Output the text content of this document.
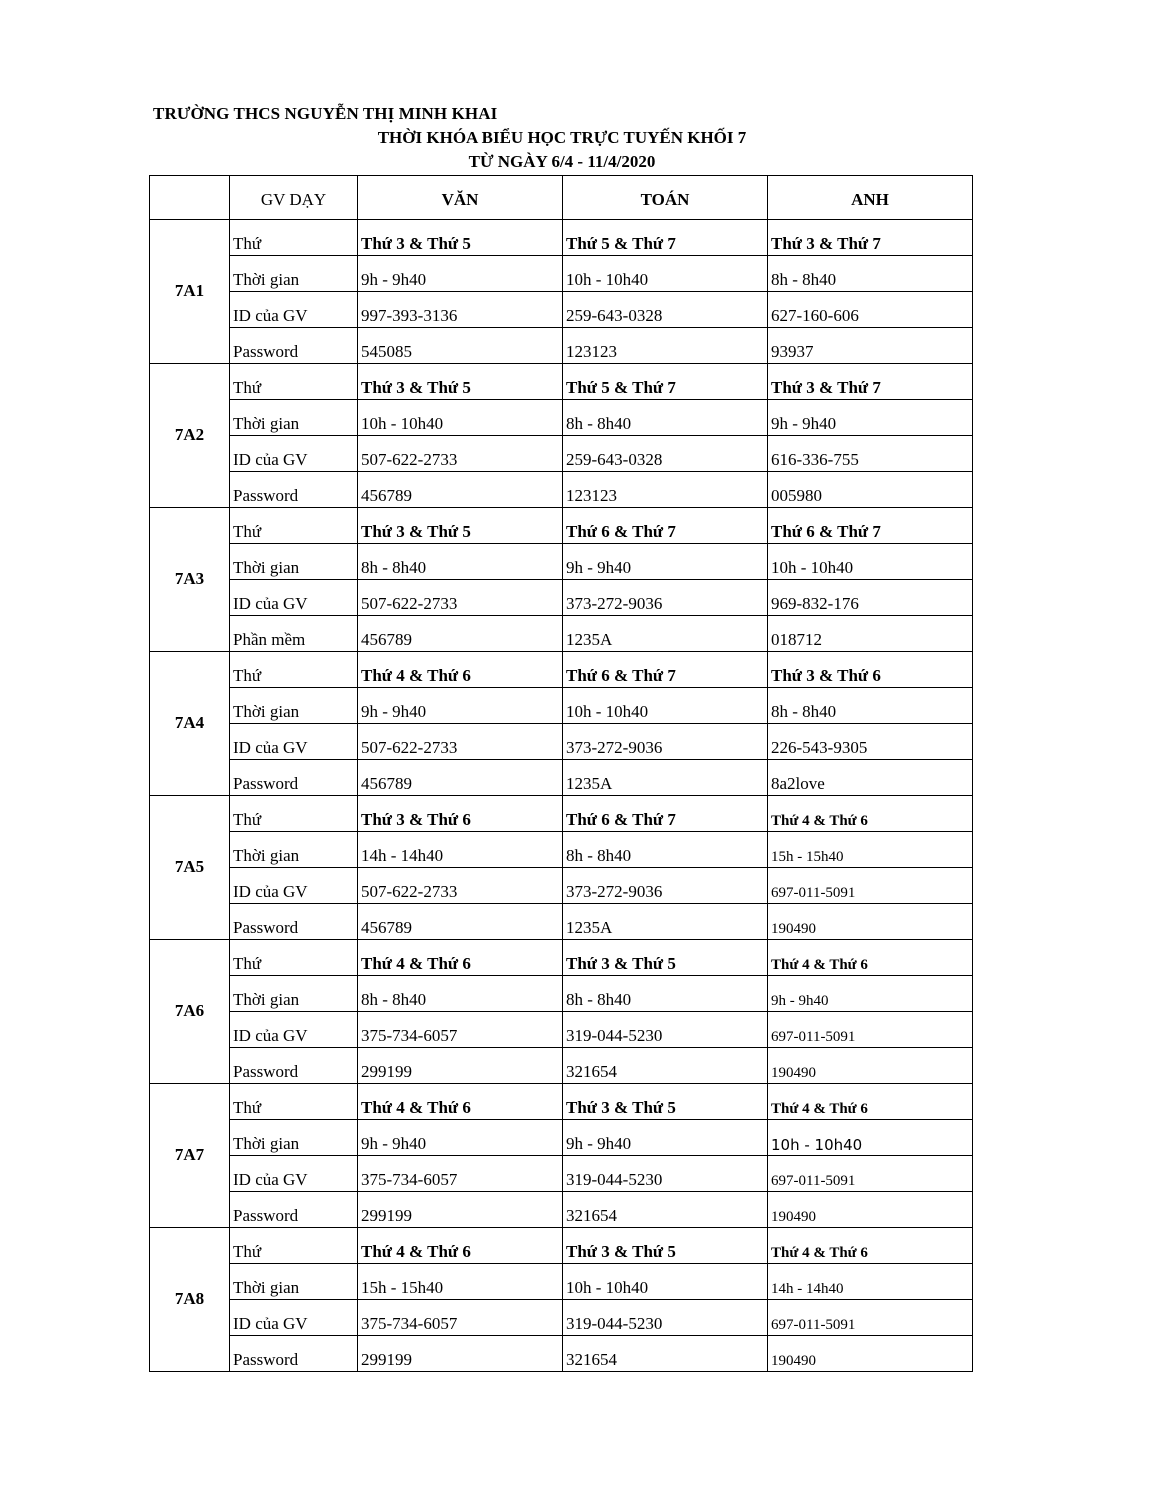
TRƯỜNG THCS NGUYỄN THỊ MINH KHAI
THỜI KHÓA BIỂU HỌC TRỰC TUYẾN KHỐI 7
TỪ NGÀY 6/4 - 11/4/2020
	GV DẠY	VĂN	TOÁN	ANH
7A1	Thứ	Thứ 3 & Thứ 5	Thứ 5 & Thứ 7	Thứ 3 & Thứ 7
	Thời gian	9h - 9h40	10h - 10h40	8h - 8h40
	ID của GV	997-393-3136	259-643-0328	627-160-606
	Password	545085	123123	93937
7A2	Thứ	Thứ 3 & Thứ 5	Thứ 5 & Thứ 7	Thứ 3 & Thứ 7
	Thời gian	10h - 10h40	8h - 8h40	9h - 9h40
	ID của GV	507-622-2733	259-643-0328	616-336-755
	Password	456789	123123	005980
7A3	Thứ	Thứ 3 & Thứ 5	Thứ 6 & Thứ 7	Thứ 6 & Thứ 7
	Thời gian	8h - 8h40	9h - 9h40	10h - 10h40
	ID của GV	507-622-2733	373-272-9036	969-832-176
	Phần mềm	456789	1235A	018712
7A4	Thứ	Thứ 4 & Thứ 6	Thứ 6 & Thứ 7	Thứ 3 & Thứ 6
	Thời gian	9h - 9h40	10h - 10h40	8h - 8h40
	ID của GV	507-622-2733	373-272-9036	226-543-9305
	Password	456789	1235A	8a2love
7A5	Thứ	Thứ 3 & Thứ 6	Thứ 6 & Thứ 7	Thứ 4 & Thứ 6
	Thời gian	14h - 14h40	8h - 8h40	15h - 15h40
	ID của GV	507-622-2733	373-272-9036	697-011-5091
	Password	456789	1235A	190490
7A6	Thứ	Thứ 4 & Thứ 6	Thứ 3 & Thứ 5	Thứ 4 & Thứ 6
	Thời gian	8h - 8h40	8h - 8h40	9h - 9h40
	ID của GV	375-734-6057	319-044-5230	697-011-5091
	Password	299199	321654	190490
7A7	Thứ	Thứ 4 & Thứ 6	Thứ 3 & Thứ 5	Thứ 4 & Thứ 6
	Thời gian	9h - 9h40	9h - 9h40	10h - 10h40
	ID của GV	375-734-6057	319-044-5230	697-011-5091
	Password	299199	321654	190490
7A8	Thứ	Thứ 4 & Thứ 6	Thứ 3 & Thứ 5	Thứ 4 & Thứ 6
	Thời gian	15h - 15h40	10h - 10h40	14h - 14h40
	ID của GV	375-734-6057	319-044-5230	697-011-5091
	Password	299199	321654	190490
